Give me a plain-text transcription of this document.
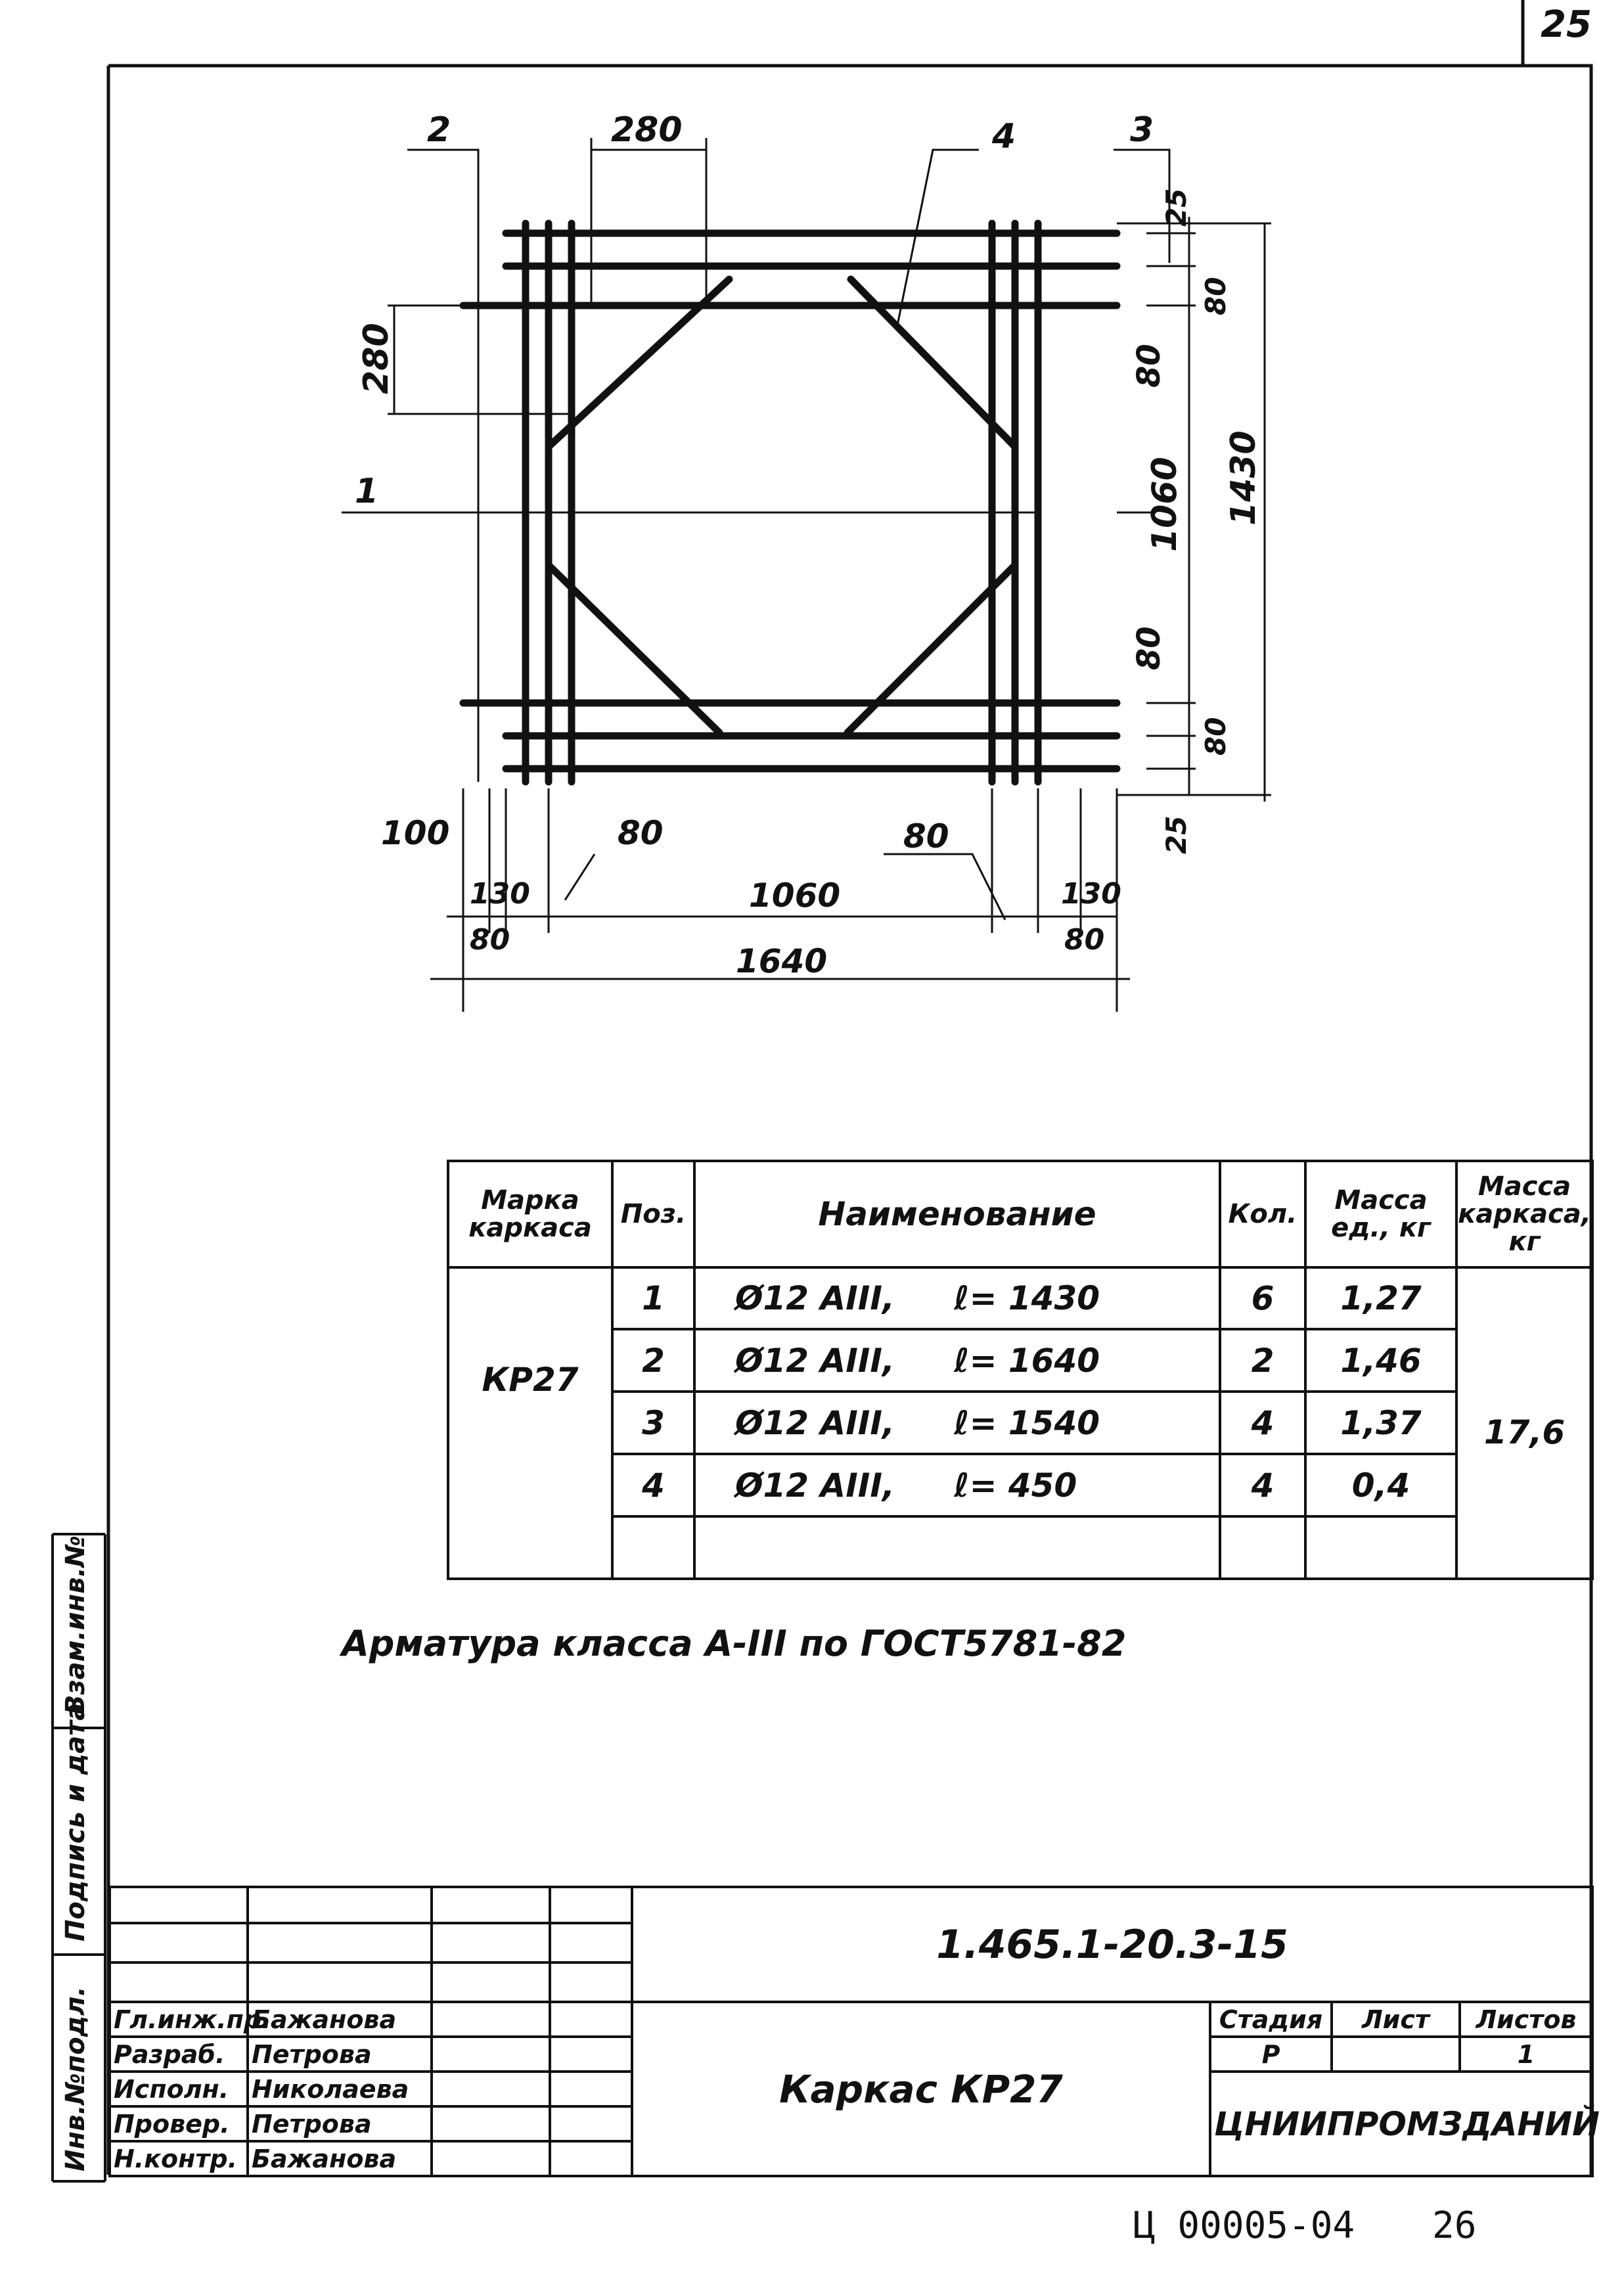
2	280	4	3
1
280
25
80
80
1060 1430
80
80
25
100	80	80
130
80
1060	130
80
1640
25
Марка каркаса	Поз.	Наименование	Кол.	Масса ед., кг	Масса каркаса, кг
КР27	1	Ø12 АIII, ℓ= 1430	6	1,27	17,6
	2	Ø12 АIII, ℓ= 1640	2	1,46	
	3	Ø12 АIII, ℓ= 1540	4	1,37	
	4	Ø12 АIII, ℓ= 450	4	0,4	

Арматура класса А-III по ГОСТ5781-82
Взам.инв.№
Подпись и дата
Инв.№подл.
				1.465.1-20.3-15			

Гл.инж.пр.	Бажанова			Каркас КР27	Стадия	Лист	Листов
Разраб.	Петрова				Р		1
Исполн.	Николаева				ЦНИИПРОМЗДАНИЙ		
Провер.	Петрова						
Н.контр.	Бажанова						
Ц 00005-04 26
